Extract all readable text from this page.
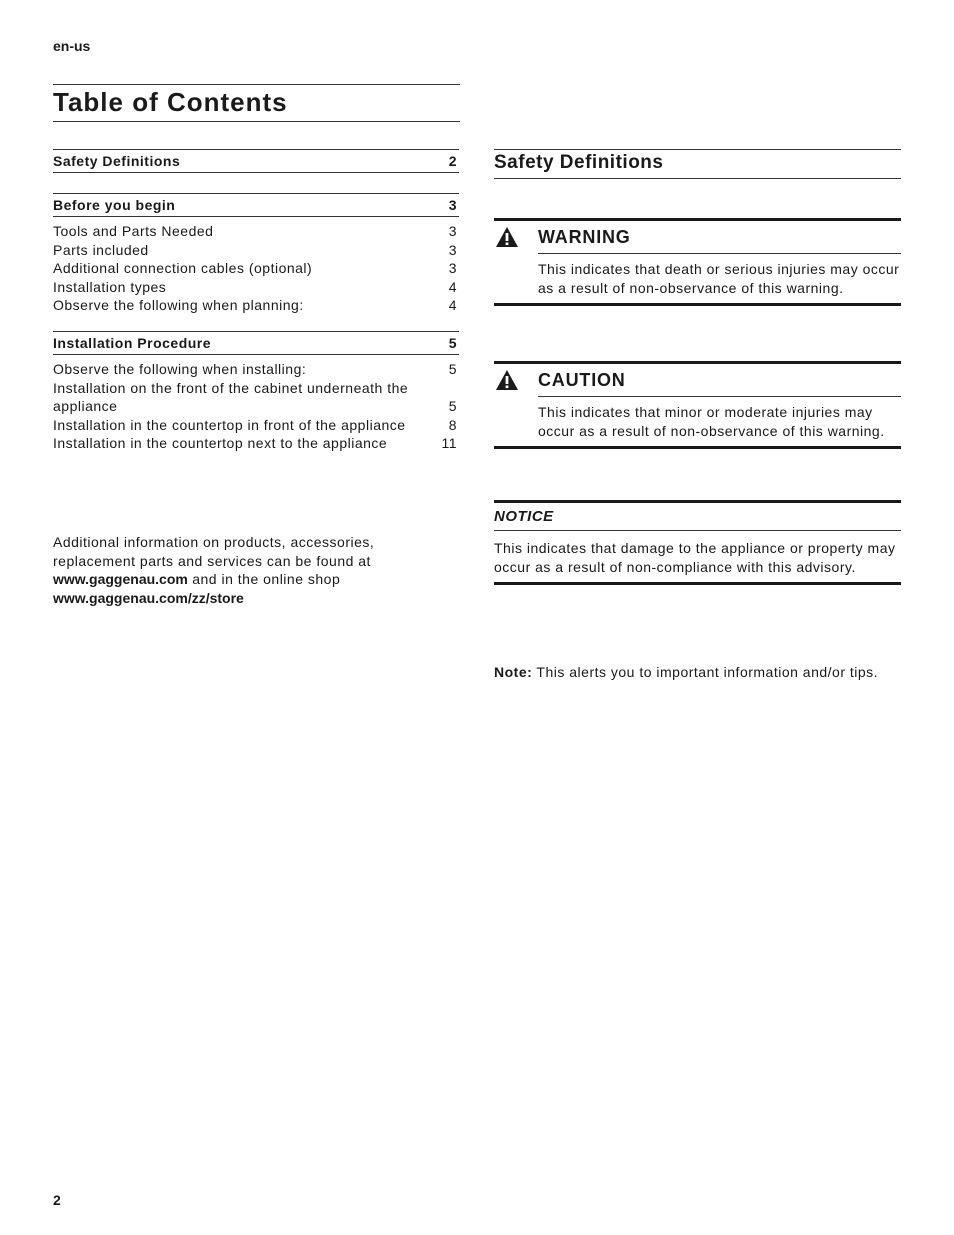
en-us
Table of Contents
Safety Definitions	2
Before you begin	3
Tools and Parts Needed	3
Parts included	3
Additional connection cables (optional)	3
Installation types	4
Observe the following when planning:	4
Installation Procedure	5
Observe the following when installing:	5
Installation on the front of the cabinet underneath the appliance	5
Installation in the countertop in front of the appliance	8
Installation in the countertop next to the appliance	11
Additional information on products, accessories, replacement parts and services can be found at www.gaggenau.com and in the online shop
www.gaggenau.com/zz/store
Safety Definitions
WARNING
This indicates that death or serious injuries may occur as a result of non-observance of this warning.
CAUTION
This indicates that minor or moderate injuries may occur as a result of non-observance of this warning.
NOTICE
This indicates that damage to the appliance or property may occur as a result of non-compliance with this advisory.
Note: This alerts you to important information and/or tips.
2
